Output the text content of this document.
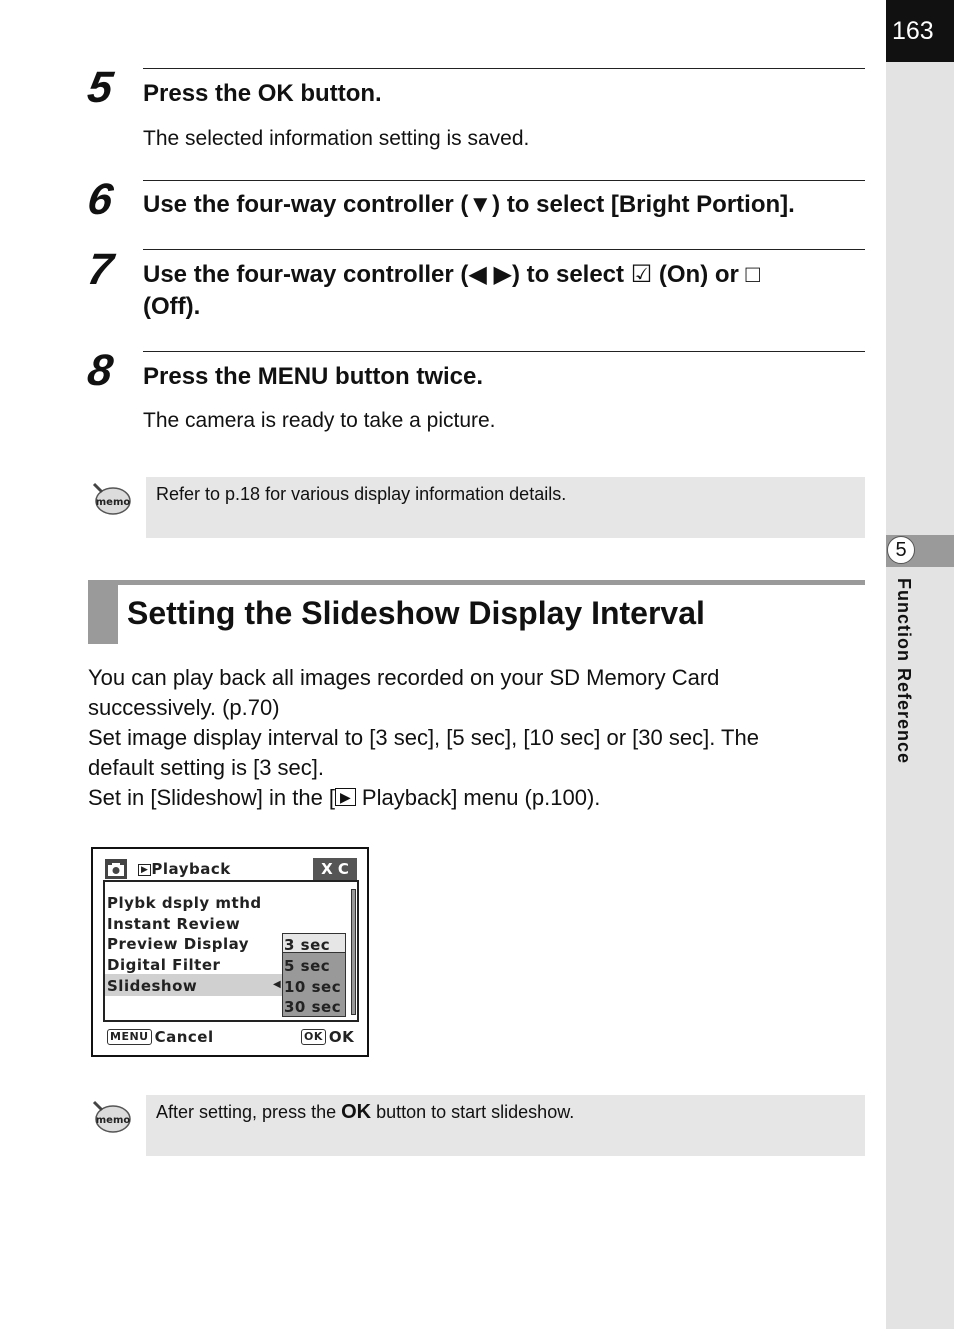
163
5
Function Reference
5 Press the OK button.
The selected information setting is saved.
6 Use the four-way controller (▼) to select [Bright Portion].
7 Use the four-way controller (◀ ▶) to select ☑ (On) or □
(Off).
8 Press the MENU button twice.
The camera is ready to take a picture.
memo	Refer to p.18 for various display information details.
Setting the Slideshow Display Interval
You can play back all images recorded on your SD Memory Card
successively. (p.70)
Set image display interval to [3 sec], [5 sec], [10 sec] or [30 sec]. The
default setting is [3 sec].
Set in [Slideshow] in the [ ▶ Playback] menu (p.100).
▶ Playback	Ⅹ C
Plybk dsply mthd
Instant Review
Preview Display
Digital Filter
Slideshow	◀
3 sec
5 sec
10 sec
30 sec
MENU Cancel	OK OK
memo	After setting, press the OK button to start slideshow.
